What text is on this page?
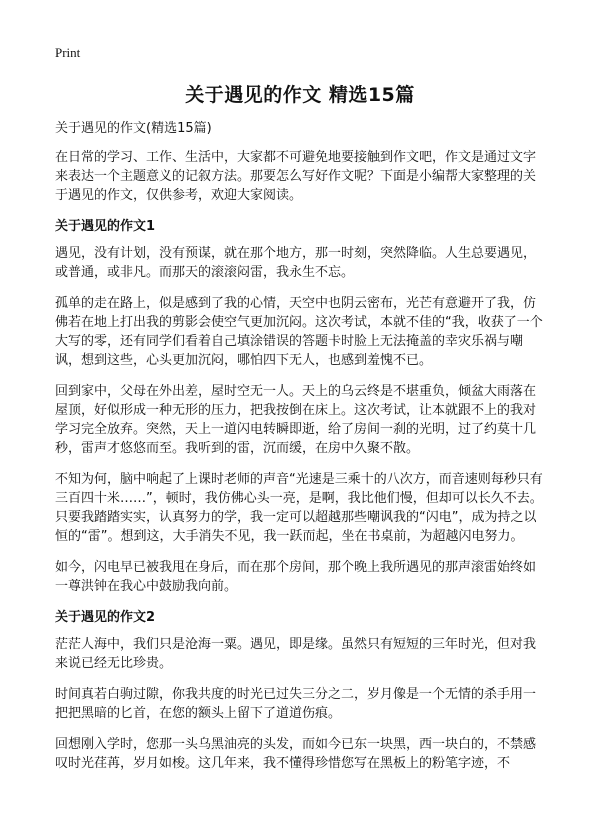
Print
关于遇见的作文 精选15篇

关于遇见的作文(精选15篇)

在日常的学习、工作、生活中，大家都不可避免地要接触到作文吧，作文是通过文字来表达一个主题意义的记叙方法。那要怎么写好作文呢？下面是小编帮大家整理的关于遇见的作文，仅供参考，欢迎大家阅读。

关于遇见的作文1

遇见，没有计划，没有预谋，就在那个地方，那一时刻，突然降临。人生总要遇见，或普通，或非凡。而那天的滚滚闷雷，我永生不忘。

孤单的走在路上，似是感到了我的心情，天空中也阴云密布，光芒有意避开了我，仿佛若在地上打出我的剪影会使空气更加沉闷。这次考试，本就不佳的“我，收获了一个大写的零，还有同学们看着自己填涂错误的答题卡时脸上无法掩盖的幸灾乐祸与嘲讽，想到这些，心头更加沉闷，哪怕四下无人，也感到羞愧不已。

回到家中，父母在外出差，屋时空无一人。天上的乌云终是不堪重负，倾盆大雨落在屋顶，好似形成一种无形的压力，把我按倒在床上。这次考试，让本就跟不上的我对学习完全放弃。突然，天上一道闪电转瞬即逝，给了房间一刹的光明，过了约莫十几秒，雷声才悠悠而至。我听到的雷，沉而缓，在房中久聚不散。

不知为何，脑中响起了上课时老师的声音“光速是三乘十的八次方，而音速则每秒只有三百四十米……”，顿时，我仿佛心头一亮，是啊，我比他们慢，但却可以长久不去。只要我踏踏实实，认真努力的学，我一定可以超越那些嘲讽我的“闪电”，成为持之以恒的“雷”。想到这，大手消失不见，我一跃而起，坐在书桌前，为超越闪电努力。

如今，闪电早已被我甩在身后，而在那个房间，那个晚上我所遇见的那声滚雷始终如一尊洪钟在我心中鼓励我向前。

关于遇见的作文2

茫茫人海中，我们只是沧海一粟。遇见，即是缘。虽然只有短短的三年时光，但对我来说已经无比珍贵。

时间真若白驹过隙，你我共度的时光已过失三分之二，岁月像是一个无情的杀手用一把把黑暗的匕首，在您的额头上留下了道道伤痕。

回想刚入学时，您那一头乌黑油亮的头发，而如今已东一块黑，西一块白的，不禁感叹时光荏苒，岁月如梭。这几年来，我不懂得珍惜您写在黑板上的粉笔字迹，不
